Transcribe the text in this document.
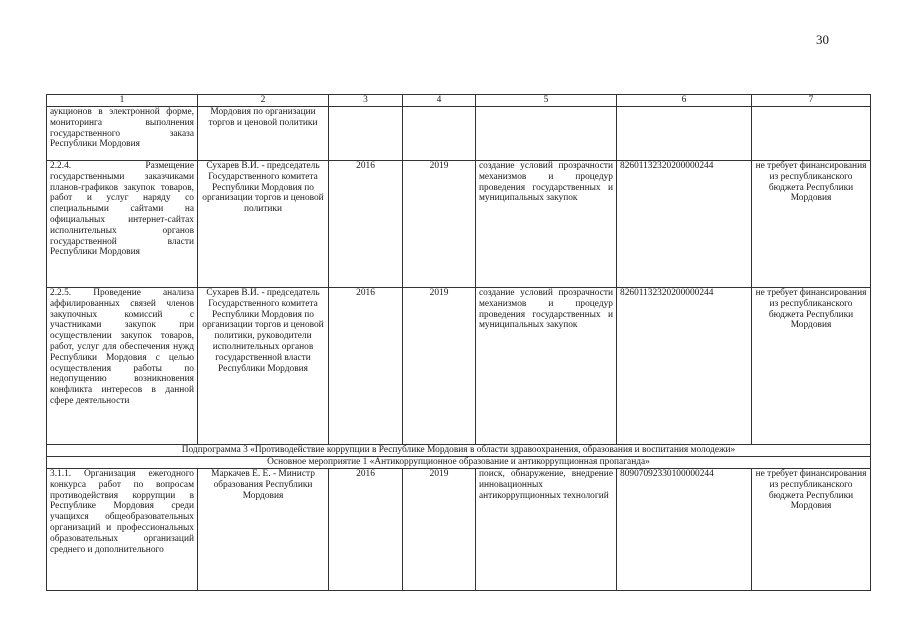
30
1	2	3	4	5	6	7
аукционов в электронной форме, мониторинга выполнения государственного заказа Республики Мордовия	Мордовия по организации торгов и ценовой политики					
2.2.4. Размещение государственными заказчиками планов-графиков закупок товаров, работ и услуг наряду со специальными сайтами на официальных интернет-сайтах исполнительных органов государственной власти Республики Мордовия	Сухарев В.И. - председатель Государственного комитета Республики Мордовия по организации торгов и ценовой политики	2016	2019	создание условий прозрачности механизмов и процедур проведения государственных и муниципальных закупок	82601132320200000244	не требует финансирования из республиканского бюджета Республики Мордовия
2.2.5. Проведение анализа аффилированных связей членов закупочных комиссий с участниками закупок при осуществлении закупок товаров, работ, услуг для обеспечения нужд Республики Мордовия с целью осуществления работы по недопущению возникновения конфликта интересов в данной сфере деятельности	Сухарев В.И. - председатель Государственного комитета Республики Мордовия по организации торгов и ценовой политики, руководители исполнительных органов государственной власти Республики Мордовия	2016	2019	создание условий прозрачности механизмов и процедур проведения государственных и муниципальных закупок	82601132320200000244	не требует финансирования из республиканского бюджета Республики Мордовия
Подпрограмма 3 «Противодействие коррупции в Республике Мордовия в области здравоохранения, образования и воспитания молодежи»						
Основное мероприятие 1 «Антикоррупционное образование и антикоррупционная пропаганда»						
3.1.1. Организация ежегодного конкурса работ по вопросам противодействия коррупции в Республике Мордовия среди учащихся общеобразовательных организаций и профессиональных образовательных организаций среднего и дополнительного	Маркачев Е. Е. - Министр образования Республики Мордовия	2016	2019	поиск, обнаружение, внедрение инновационных антикоррупционных технологий	80907092330100000244	не требует финансирования из республиканского бюджета Республики Мордовия
